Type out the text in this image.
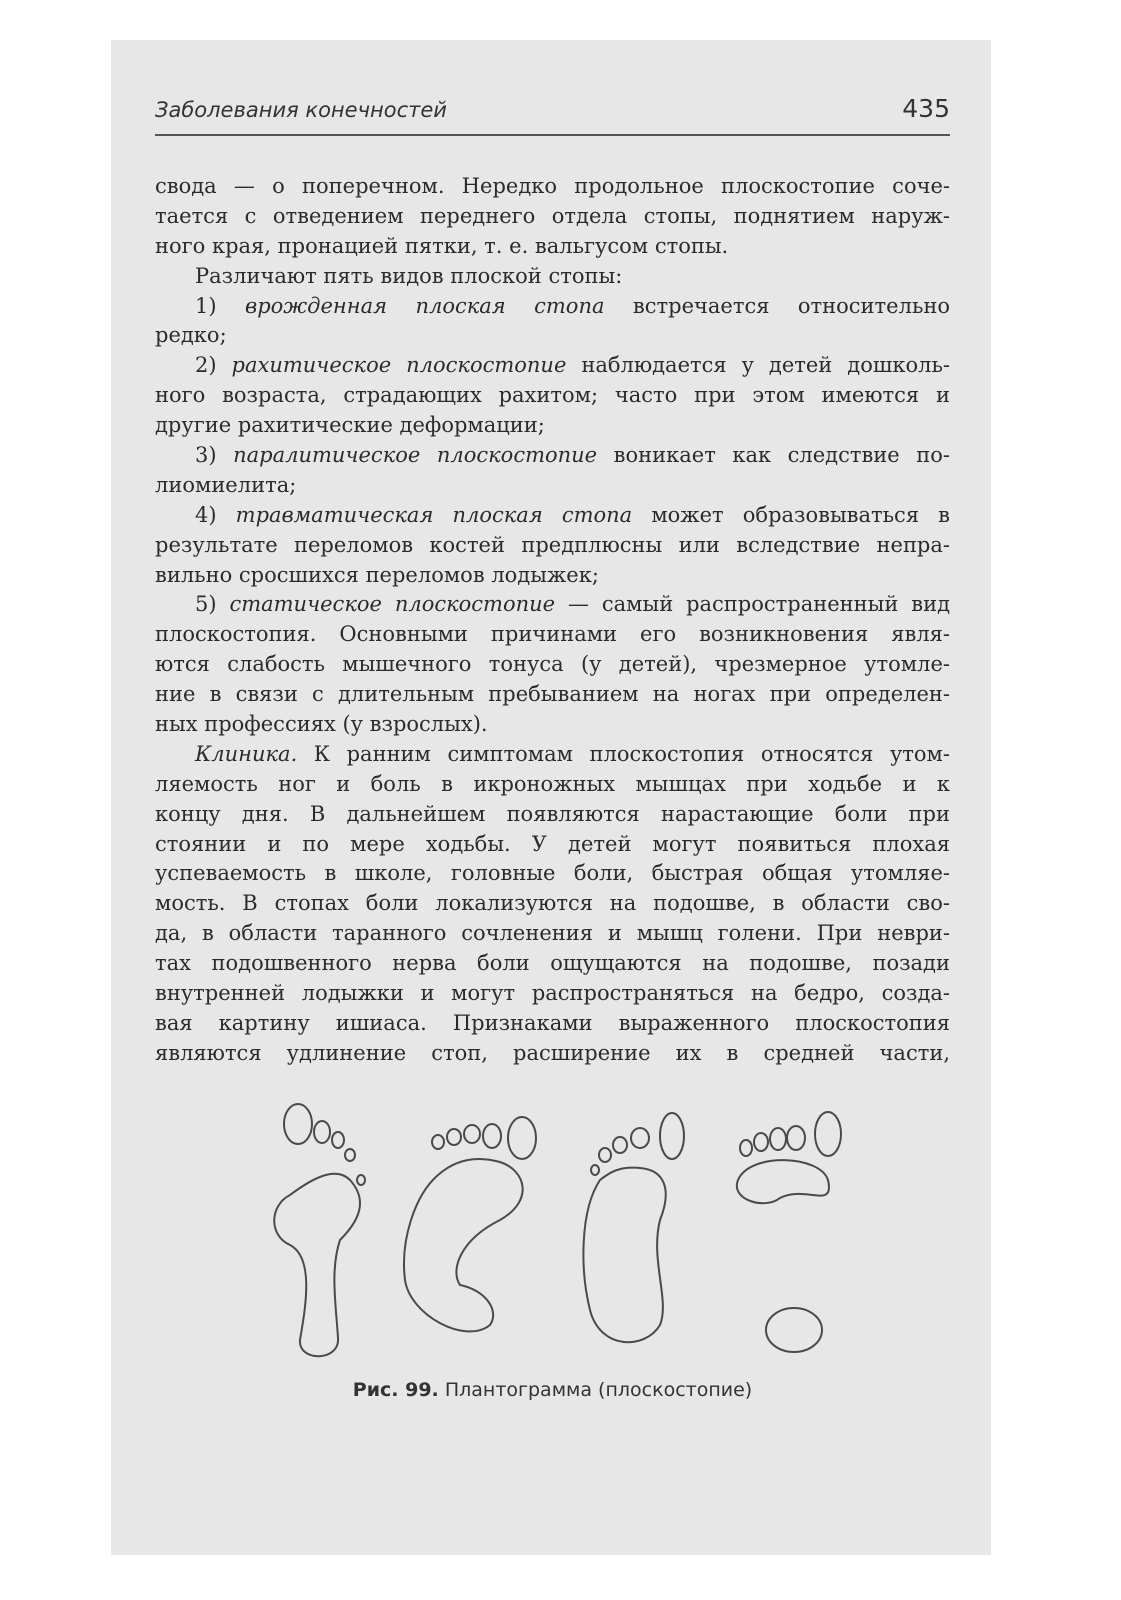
Заболевания конечностей	435
свода — о поперечном. Нередко продольное плоскостопие соче-
тается с отведением переднего отдела стопы, поднятием наруж-
ного края, пронацией пятки, т. е. вальгусом стопы.
Различают пять видов плоской стопы:
1) врожденная плоская стопа встречается относительно
редко;
2) рахитическое плоскостопие наблюдается у детей дошколь-
ного возраста, страдающих рахитом; часто при этом имеются и
другие рахитические деформации;
3) паралитическое плоскостопие воникает как следствие по-
лиомиелита;
4) травматическая плоская стопа может образовываться в
результате переломов костей предплюсны или вследствие непра-
вильно сросшихся переломов лодыжек;
5) статическое плоскостопие — самый распространенный вид
плоскостопия. Основными причинами его возникновения явля-
ются слабость мышечного тонуса (у детей), чрезмерное утомле-
ние в связи с длительным пребыванием на ногах при определен-
ных профессиях (у взрослых).
Клиника. К ранним симптомам плоскостопия относятся утом-
ляемость ног и боль в икроножных мышцах при ходьбе и к
концу дня. В дальнейшем появляются нарастающие боли при
стоянии и по мере ходьбы. У детей могут появиться плохая
успеваемость в школе, головные боли, быстрая общая утомляе-
мость. В стопах боли локализуются на подошве, в области сво-
да, в области таранного сочленения и мышц голени. При неври-
тах подошвенного нерва боли ощущаются на подошве, позади
внутренней лодыжки и могут распространяться на бедро, созда-
вая картину ишиаса. Признаками выраженного плоскостопия
являются удлинение стоп, расширение их в средней части,
Рис. 99. Плантограмма (плоскостопие)
